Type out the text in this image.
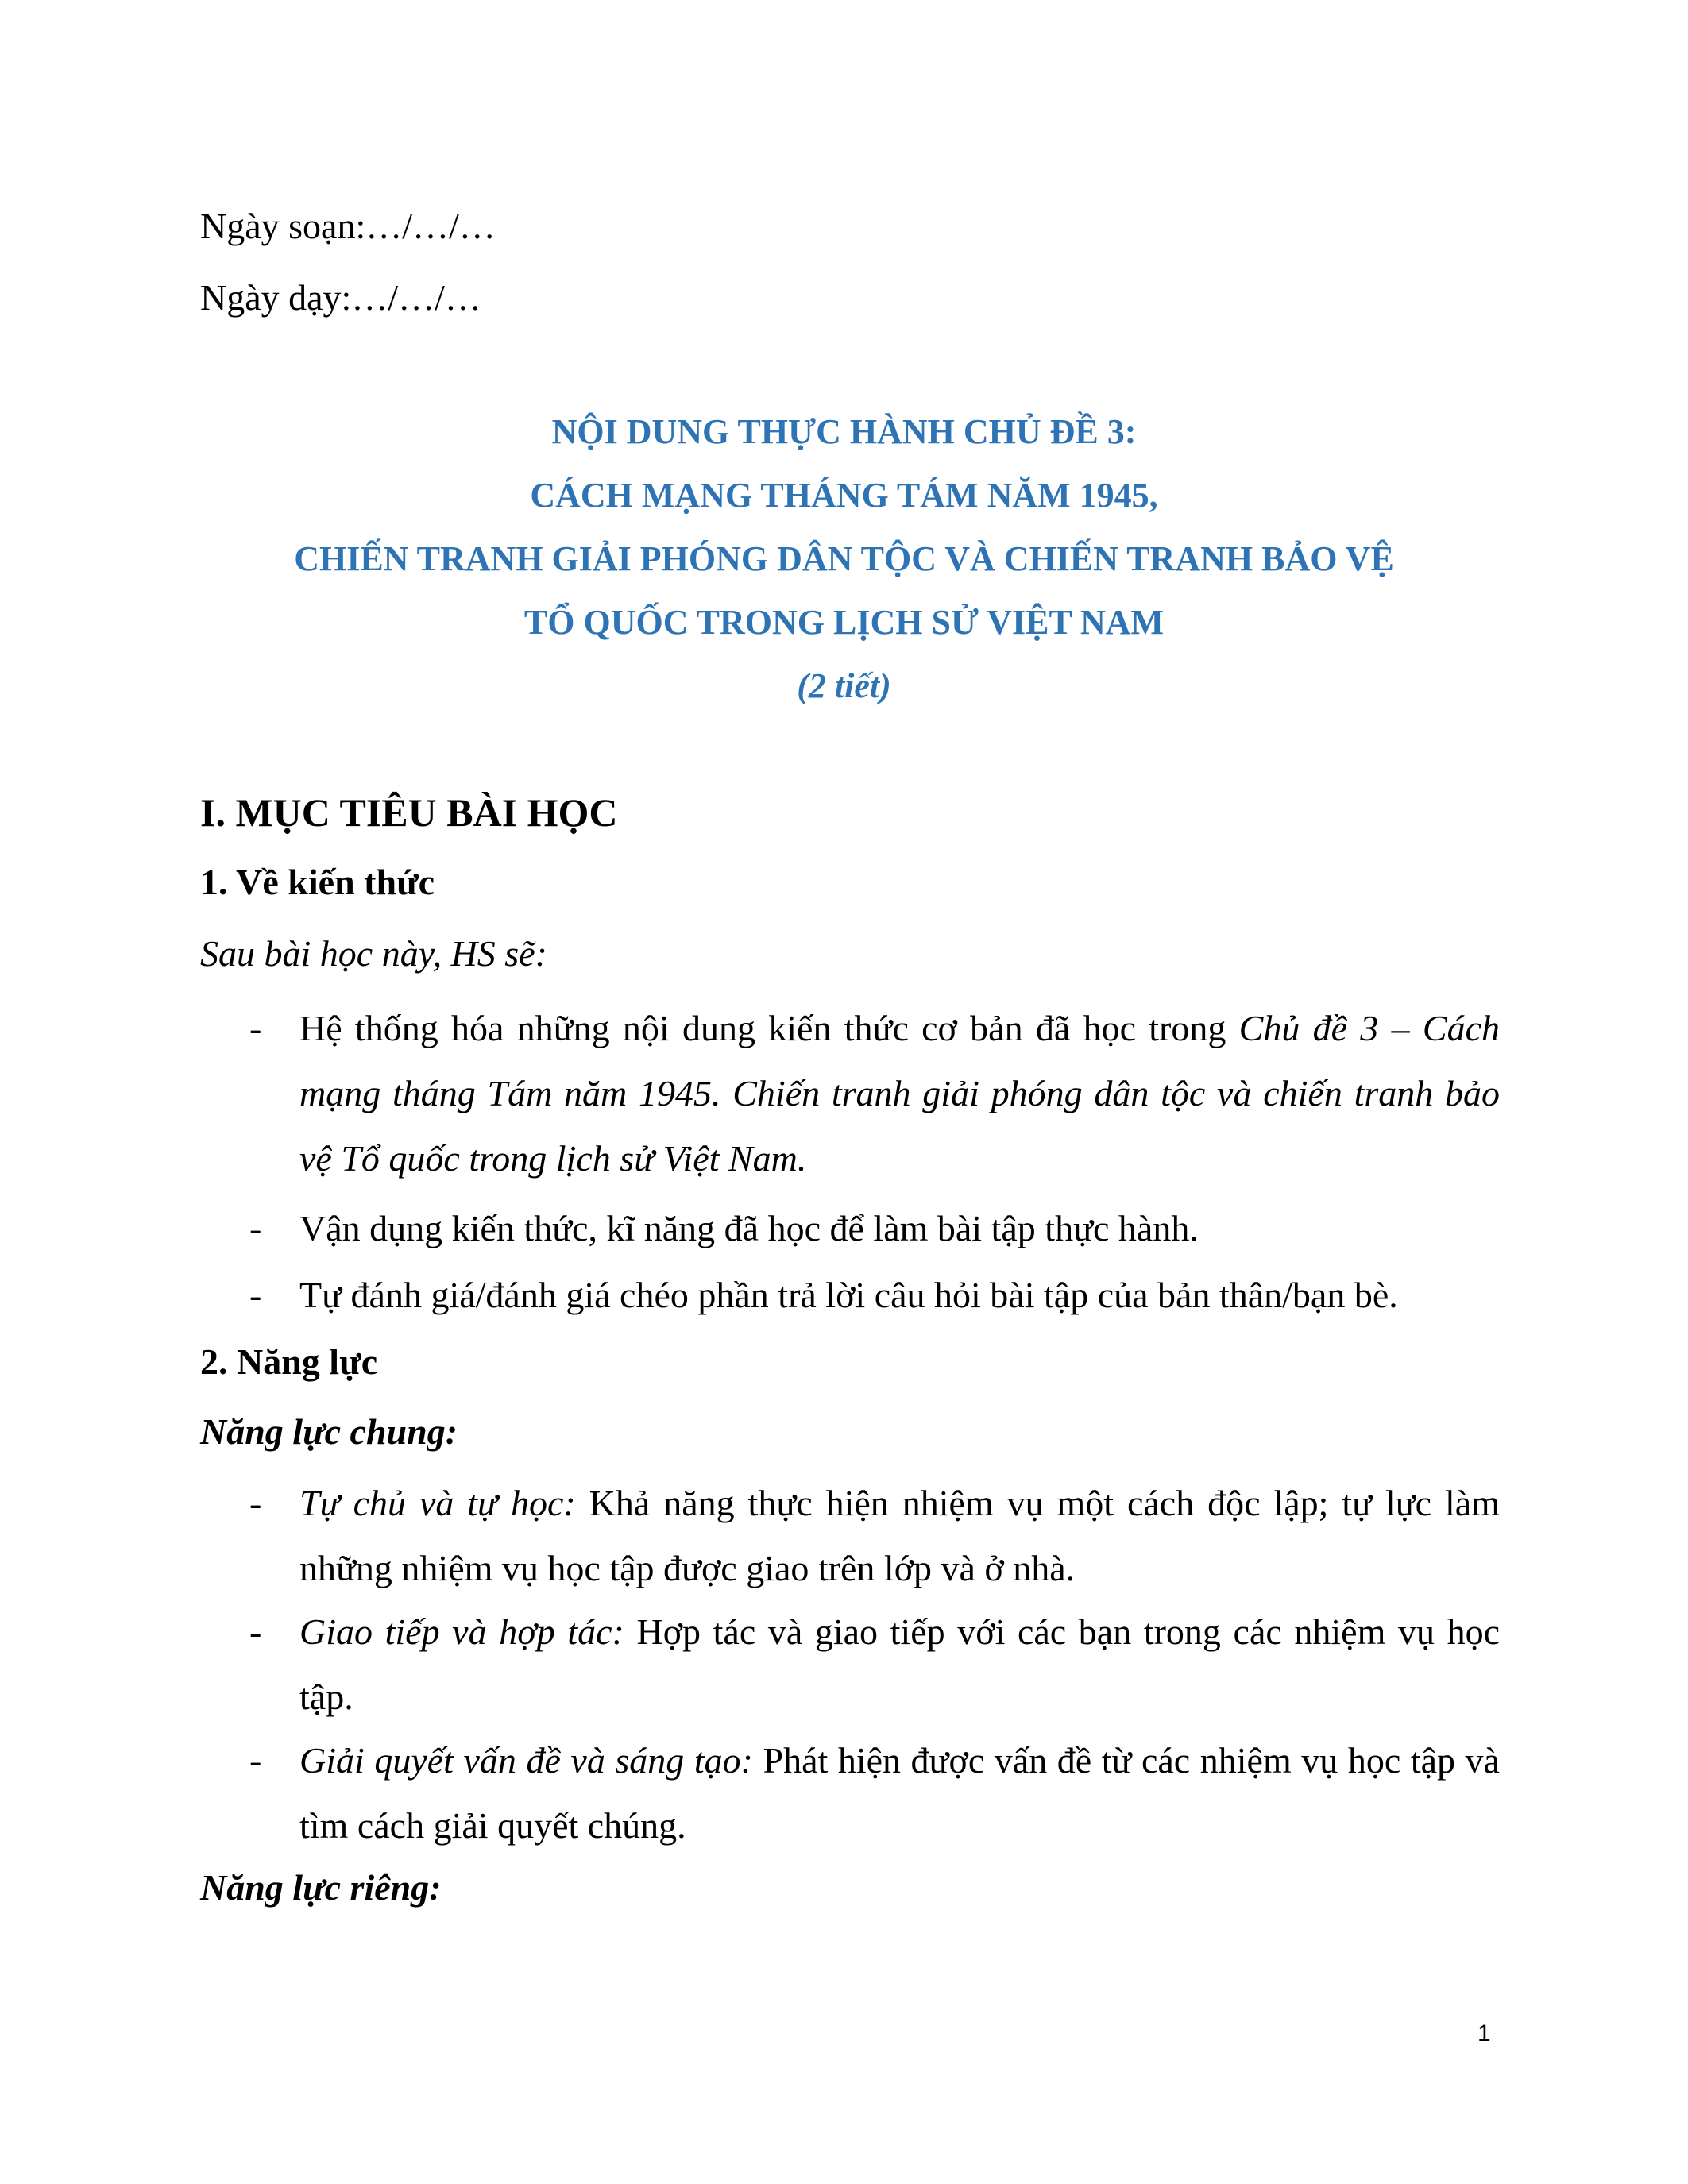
Ngày soạn:…/…/…
Ngày dạy:…/…/…
NỘI DUNG THỰC HÀNH CHỦ ĐỀ 3:
CÁCH MẠNG THÁNG TÁM NĂM 1945,
CHIẾN TRANH GIẢI PHÓNG DÂN TỘC VÀ CHIẾN TRANH BẢO VỆ
TỔ QUỐC TRONG LỊCH SỬ VIỆT NAM
(2 tiết)
I. MỤC TIÊU BÀI HỌC
1. Về kiến thức
Sau bài học này, HS sẽ:
- Hệ thống hóa những nội dung kiến thức cơ bản đã học trong Chủ đề 3 – Cách mạng tháng Tám năm 1945. Chiến tranh giải phóng dân tộc và chiến tranh bảo vệ Tổ quốc trong lịch sử Việt Nam.
- Vận dụng kiến thức, kĩ năng đã học để làm bài tập thực hành.
- Tự đánh giá/đánh giá chéo phần trả lời câu hỏi bài tập của bản thân/bạn bè.
2. Năng lực
Năng lực chung:
- Tự chủ và tự học: Khả năng thực hiện nhiệm vụ một cách độc lập; tự lực làm những nhiệm vụ học tập được giao trên lớp và ở nhà.
- Giao tiếp và hợp tác: Hợp tác và giao tiếp với các bạn trong các nhiệm vụ học tập.
- Giải quyết vấn đề và sáng tạo: Phát hiện được vấn đề từ các nhiệm vụ học tập và tìm cách giải quyết chúng.
Năng lực riêng:
1
